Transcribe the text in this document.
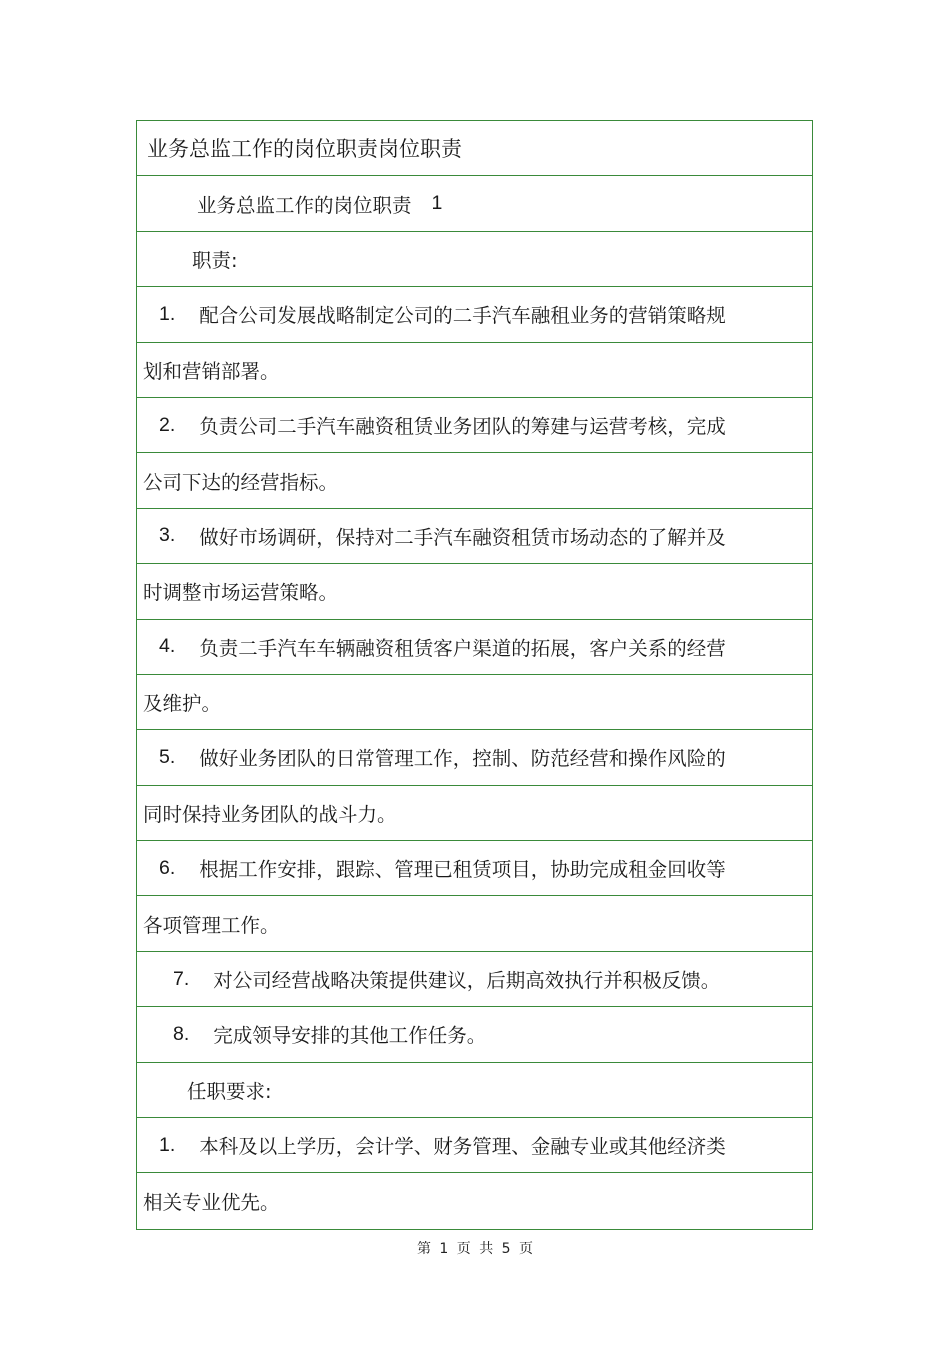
业务总监工作的岗位职责岗位职责
业务总监工作的岗位职责 1
职责:
1. 配合公司发展战略制定公司的二手汽车融租业务的营销策略规
划和营销部署。
2. 负责公司二手汽车融资租赁业务团队的筹建与运营考核，完成
公司下达的经营指标。
3. 做好市场调研，保持对二手汽车融资租赁市场动态的了解并及
时调整市场运营策略。
4. 负责二手汽车车辆融资租赁客户渠道的拓展，客户关系的经营
及维护。
5. 做好业务团队的日常管理工作，控制、防范经营和操作风险的
同时保持业务团队的战斗力。
6. 根据工作安排，跟踪、管理已租赁项目，协助完成租金回收等
各项管理工作。
7. 对公司经营战略决策提供建议，后期高效执行并积极反馈。
8. 完成领导安排的其他工作任务。
任职要求:
1. 本科及以上学历，会计学、财务管理、金融专业或其他经济类
相关专业优先。
第 1 页 共 5 页
